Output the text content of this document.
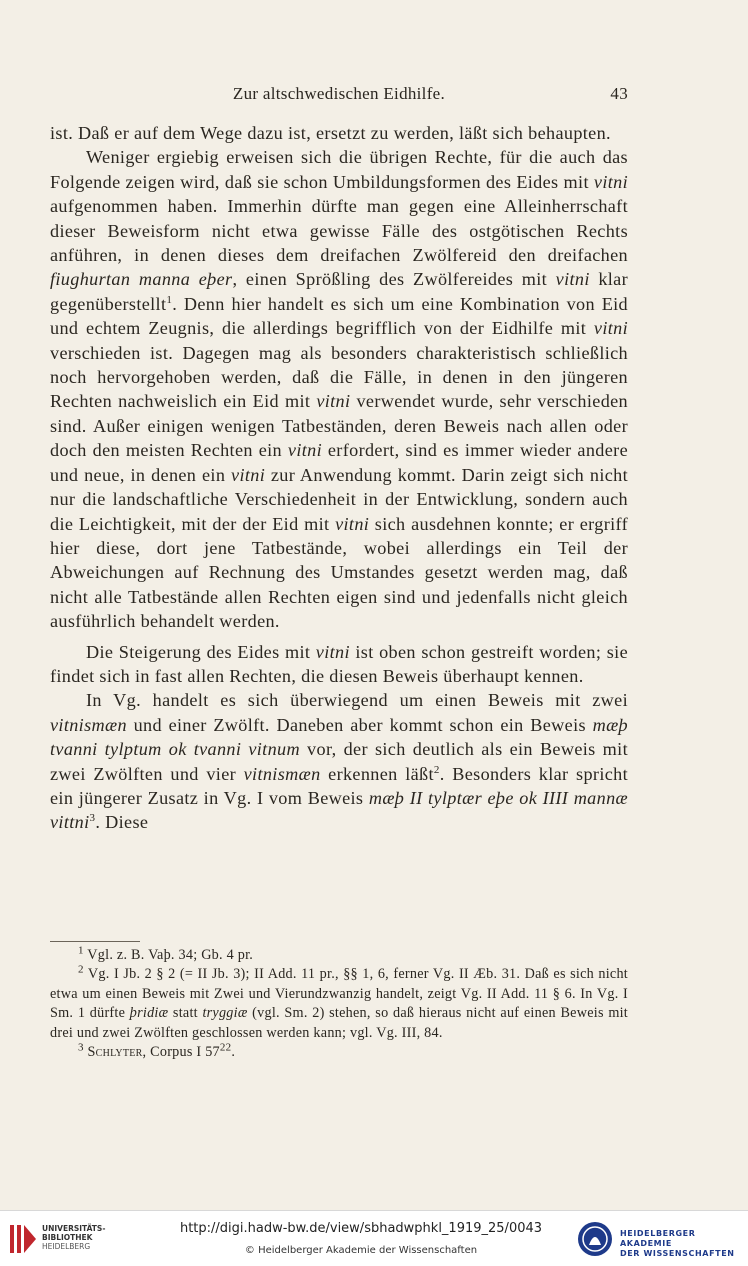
Zur altschwedischen Eidhilfe.	43

ist. Daß er auf dem Wege dazu ist, ersetzt zu werden, läßt sich behaupten.

Weniger ergiebig erweisen sich die übrigen Rechte, für die auch das Folgende zeigen wird, daß sie schon Umbildungsformen des Eides mit vitni aufgenommen haben. Immerhin dürfte man gegen eine Alleinherrschaft dieser Beweisform nicht etwa gewisse Fälle des ostgötischen Rechts anführen, in denen dieses dem dreifachen Zwölfereid den dreifachen fiughurtan manna eþer, einen Sprößling des Zwölfereides mit vitni klar gegenüberstellt$^1$. Denn hier handelt es sich um eine Kombination von Eid und echtem Zeugnis, die allerdings begrifflich von der Eidhilfe mit vitni verschieden ist. Dagegen mag als besonders charakteristisch schließlich noch hervorgehoben werden, daß die Fälle, in denen in den jüngeren Rechten nachweislich ein Eid mit vitni verwendet wurde, sehr verschieden sind. Außer einigen wenigen Tatbeständen, deren Beweis nach allen oder doch den meisten Rechten ein vitni erfordert, sind es immer wieder andere und neue, in denen ein vitni zur Anwendung kommt. Darin zeigt sich nicht nur die landschaftliche Verschiedenheit in der Entwicklung, sondern auch die Leichtigkeit, mit der der Eid mit vitni sich ausdehnen konnte; er ergriff hier diese, dort jene Tatbestände, wobei allerdings ein Teil der Abweichungen auf Rechnung des Umstandes gesetzt werden mag, daß nicht alle Tatbestände allen Rechten eigen sind und jedenfalls nicht gleich ausführlich behandelt werden.

Die Steigerung des Eides mit vitni ist oben schon gestreift worden; sie findet sich in fast allen Rechten, die diesen Beweis überhaupt kennen.

In Vg. handelt es sich überwiegend um einen Beweis mit zwei vitnismæn und einer Zwölft. Daneben aber kommt schon ein Beweis mæþ tvanni tylptum ok tvanni vitnum vor, der sich deutlich als ein Beweis mit zwei Zwölften und vier vitnismæn erkennen läßt$^2$. Besonders klar spricht ein jüngerer Zusatz in Vg. I vom Beweis mæþ II tylptær eþe ok IIII mannæ vittni$^3$. Diese

$^1$ Vgl. z. B. Vaþ. 34; Gb. 4 pr.

$^2$ Vg. I Jb. 2 § 2 (= II Jb. 3); II Add. 11 pr., §§ 1, 6, ferner Vg. II Æb. 31. Daß es sich nicht etwa um einen Beweis mit Zwei und Vierundzwanzig handelt, zeigt Vg. II Add. 11 § 6. In Vg. I Sm. 1 dürfte þridiæ statt tryggiæ (vgl. Sm. 2) stehen, so daß hieraus nicht auf einen Beweis mit drei und zwei Zwölften geschlossen werden kann; vgl. Vg. III, 84.

$^3$ Schlyter, Corpus I $57^{22}$.

UNIVERSITÄTS-
BIBLIOTHEK
HEIDELBERG
http://digi.hadw-bw.de/view/sbhadwphkl_1919_25/0043
© Heidelberger Akademie der Wissenschaften
HEIDELBERGER AKADEMIE
DER WISSENSCHAFTEN
